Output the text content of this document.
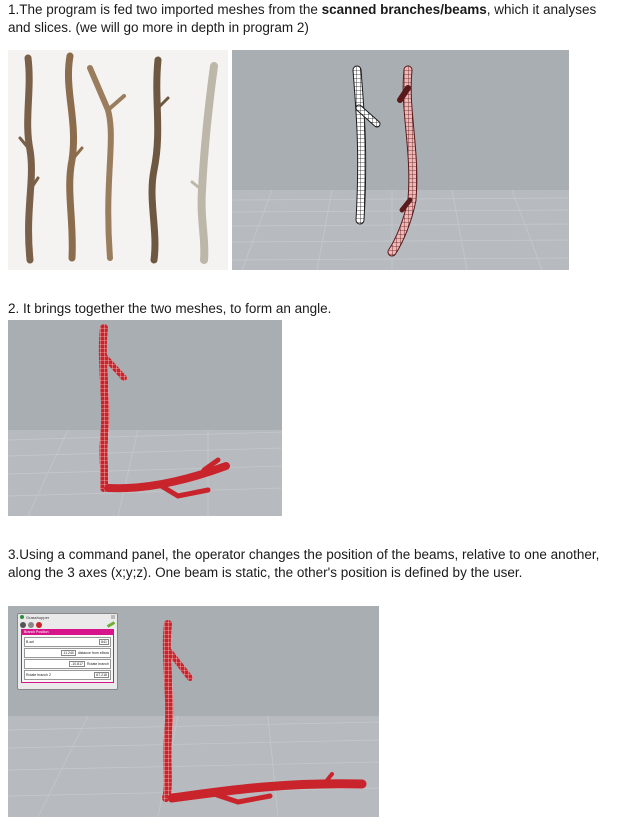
1.The program is fed two imported meshes from the scanned branches/beams, which it analyses and slices. (we will go more in depth in program 2)
2. It brings together the two meshes, to form an angle.
3.Using a command panel, the operator changes the position of the beams, relative to one another, along the 3 axes (x;y;z). One beam is static, the other's position is defined by the user.
Grasshopper
Branch Position
B-sel	841
11.240	distance from elbow
-10.817	Rotate branch
Rotate branch 2	67.218
